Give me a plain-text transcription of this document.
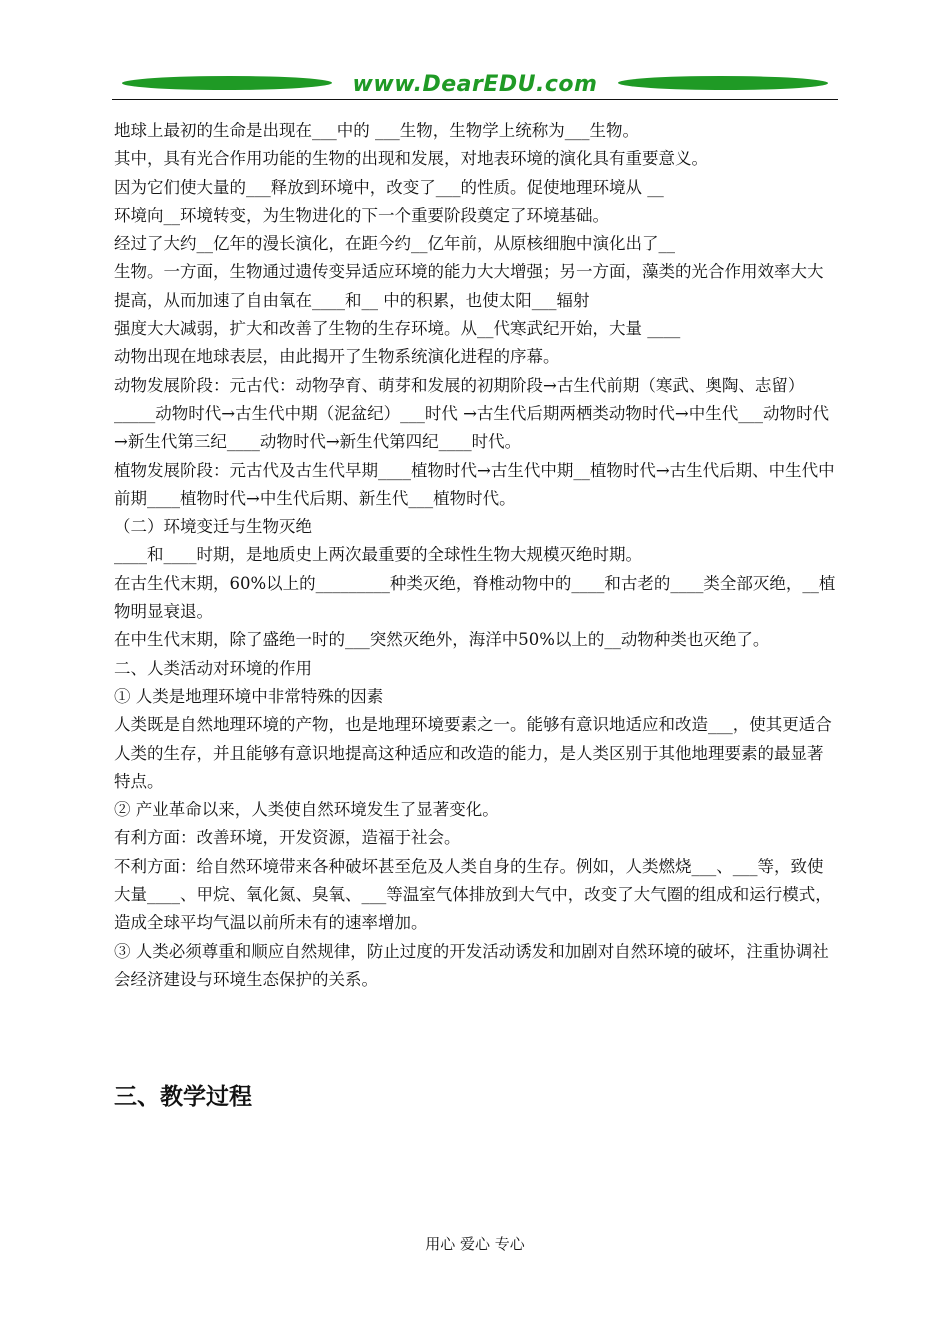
www.DearEDU.com

地球上最初的生命是出现在___中的 ___生物，生物学上统称为___生物。

其中，具有光合作用功能的生物的出现和发展，对地表环境的演化具有重要意义。

因为它们使大量的___释放到环境中，改变了___的性质。促使地理环境从 __

环境向__环境转变，为生物进化的下一个重要阶段奠定了环境基础。

经过了大约__亿年的漫长演化，在距今约__亿年前，从原核细胞中演化出了__

生物。一方面，生物通过遗传变异适应环境的能力大大增强；另一方面，藻类的光合作用效率大大提高，从而加速了自由氧在____和__ 中的积累，也使太阳___辐射

强度大大减弱，扩大和改善了生物的生存环境。从__代寒武纪开始，大量 ____

动物出现在地球表层，由此揭开了生物系统演化进程的序幕。

动物发展阶段：元古代：动物孕育、萌芽和发展的初期阶段→古生代前期（寒武、奥陶、志留）_____动物时代→古生代中期（泥盆纪）___时代 →古生代后期两栖类动物时代→中生代___动物时代→新生代第三纪____动物时代→新生代第四纪____时代。

植物发展阶段：元古代及古生代早期____植物时代→古生代中期__植物时代→古生代后期、中生代中前期____植物时代→中生代后期、新生代___植物时代。

（二）环境变迁与生物灭绝

____和____时期，是地质史上两次最重要的全球性生物大规模灭绝时期。

在古生代末期，60%以上的_________种类灭绝，脊椎动物中的____和古老的____类全部灭绝，__植物明显衰退。

在中生代末期，除了盛绝一时的___突然灭绝外，海洋中50%以上的__动物种类也灭绝了。

二、人类活动对环境的作用

① 人类是地理环境中非常特殊的因素

人类既是自然地理环境的产物，也是地理环境要素之一。能够有意识地适应和改造___，使其更适合人类的生存，并且能够有意识地提高这种适应和改造的能力，是人类区别于其他地理要素的最显著特点。

② 产业革命以来，人类使自然环境发生了显著变化。

有利方面：改善环境，开发资源，造福于社会。

不利方面：给自然环境带来各种破坏甚至危及人类自身的生存。例如，人类燃烧___、___等，致使大量____、甲烷、氧化氮、臭氧、___等温室气体排放到大气中，改变了大气圈的组成和运行模式，造成全球平均气温以前所未有的速率增加。

③ 人类必须尊重和顺应自然规律，防止过度的开发活动诱发和加剧对自然环境的破坏，注重协调社会经济建设与环境生态保护的关系。

三、教学过程
用心 爱心 专心
